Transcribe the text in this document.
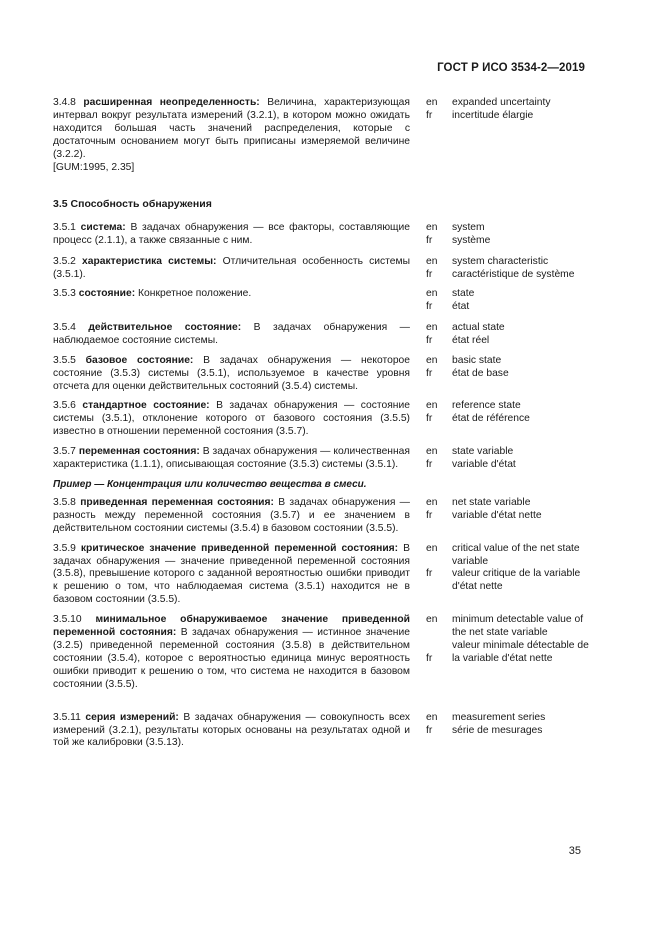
ГОСТ Р ИСО 3534-2—2019
3.4.8 расширенная неопределенность: Величина, характеризующая интервал вокруг результата измерений (3.2.1), в котором можно ожидать находится большая часть значений распределения, которые с достаточным основанием могут быть приписаны измеряемой величине (3.2.2).
[GUM:1995, 2.35]
en
fr
expanded uncertainty
incertitude élargie
3.5 Способность обнаружения
3.5.1 система: В задачах обнаружения — все факторы, составляющие процесс (2.1.1), а также связанные с ним.
en
fr
system
système
3.5.2 характеристика системы: Отличительная особенность системы (3.5.1).
en
fr
system characteristic
caractéristique de système
3.5.3 состояние: Конкретное положение.	en
fr
state
état
3.5.4 действительное состояние: В задачах обнаружения — наблюдаемое состояние системы.
en
fr
actual state
état réel
3.5.5 базовое состояние: В задачах обнаружения — некоторое состояние (3.5.3) системы (3.5.1), используемое в качестве уровня отсчета для оценки действительных состояний (3.5.4) системы.
en
fr
basic state
état de base
3.5.6 стандартное состояние: В задачах обнаружения — состояние системы (3.5.1), отклонение которого от базового состояния (3.5.5) известно в отношении переменной состояния (3.5.7).
en
fr
reference state
état de référence
3.5.7 переменная состояния: В задачах обнаружения — количественная характеристика (1.1.1), описывающая состояние (3.5.3) системы (3.5.1).
en
fr
state variable
variable d'état
Пример — Концентрация или количество вещества в смеси.
3.5.8 приведенная переменная состояния: В задачах обнаружения — разность между переменной состояния (3.5.7) и ее значением в действительном состоянии системы (3.5.4) в базовом состоянии (3.5.5).
en
fr
net state variable
variable d'état nette
3.5.9 критическое значение приведенной переменной состояния: В задачах обнаружения — значение приведенной переменной состояния (3.5.8), превышение которого с заданной вероятностью ошибки приводит к решению о том, что наблюдаемая система (3.5.1) находится не в базовом состоянии (3.5.5).
en

fr
critical value of the net state variable
valeur critique de la variable d'état nette
3.5.10 минимальное обнаруживаемое значение приведенной переменной состояния: В задачах обнаружения — истинное значение (3.2.5) приведенной переменной состояния (3.5.8) в действительном состоянии (3.5.4), которое с вероятностью единица минус вероятность ошибки приводит к решению о том, что система не находится в базовом состоянии (3.5.5).
en

fr
minimum detectable value of the net state variable
valeur minimale détectable de la variable d'état nette
3.5.11 серия измерений: В задачах обнаружения — совокупность всех измерений (3.2.1), результаты которых основаны на результатах одной и той же калибровки (3.5.13).
en
fr
measurement series
série de mesurages
35
